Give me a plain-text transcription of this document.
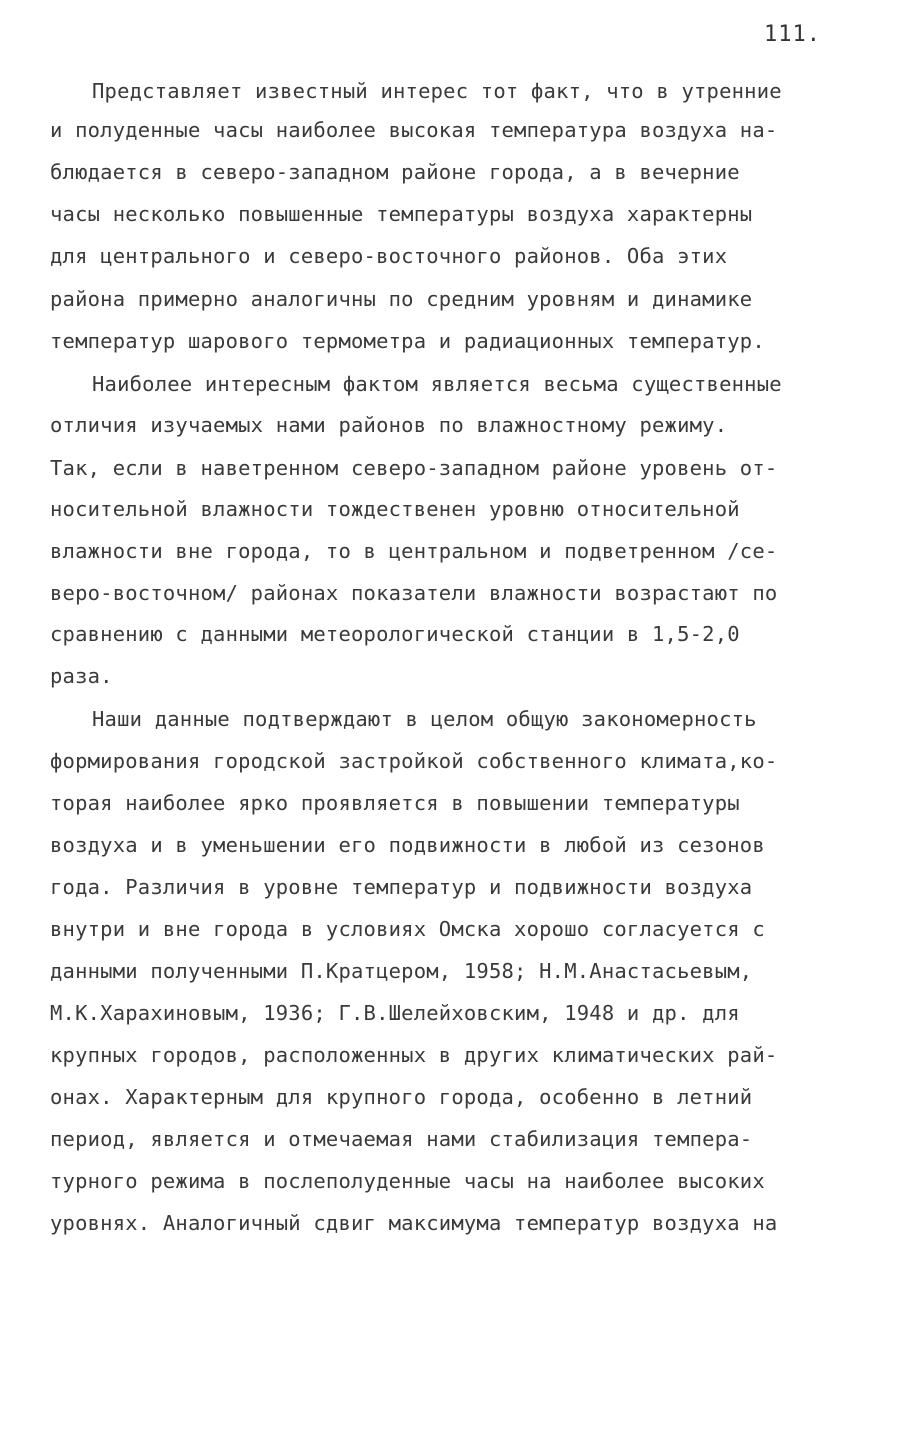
111.
Представляет известный интерес тот факт, что в утренние
и полуденные часы наиболее высокая температура воздуха на-
блюдается в северо-западном районе города, а в вечерние
часы несколько повышенные температуры воздуха характерны
для центрального и северо-восточного районов. Оба этих
района примерно аналогичны по средним уровням и динамике
температур шарового термометра и радиационных температур.
Наиболее интересным фактом является весьма существенные
отличия изучаемых нами районов по влажностному режиму.
Так, если в наветренном северо-западном районе уровень от-
носительной влажности тождественен уровню относительной
влажности вне города, то в центральном и подветренном /се-
веро-восточном/ районах показатели влажности возрастают по
сравнению с данными метеорологической станции в 1,5-2,0
раза.
Наши данные подтверждают в целом общую закономерность
формирования городской застройкой собственного климата,ко-
торая наиболее ярко проявляется в повышении температуры
воздуха и в уменьшении его подвижности в любой из сезонов
года. Различия в уровне температур и подвижности воздуха
внутри и вне города в условиях Омска хорошо согласуется с
данными полученными П.Кратцером, 1958; Н.М.Анастасьевым,
М.К.Харахиновым, 1936; Г.В.Шелейховским, 1948 и др. для
крупных городов, расположенных в других климатических рай-
онах. Характерным для крупного города, особенно в летний
период, является и отмечаемая нами стабилизация темпера-
турного режима в послеполуденные часы на наиболее высоких
уровнях. Аналогичный сдвиг максимума температур воздуха на
